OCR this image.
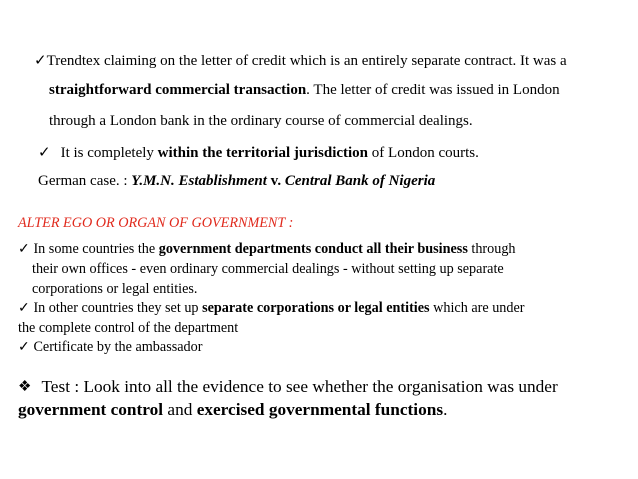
✓Trendtex claiming on the letter of credit which is an entirely separate contract. It was a
straightforward commercial transaction. The letter of credit was issued in London
through a London bank in the ordinary course of commercial dealings.
✓ It is completely within the territorial jurisdiction of London courts.
German case. : Y.M.N. Establishment v. Central Bank of Nigeria
ALTER EGO OR ORGAN OF GOVERNMENT :
✓ In some countries the government departments conduct all their business through
their own offices - even ordinary commercial dealings - without setting up separate
corporations or legal entities.
✓ In other countries they set up separate corporations or legal entities which are under
the complete control of the department
✓ Certificate by the ambassador
❖ Test : Look into all the evidence to see whether the organisation was under
government control and exercised governmental functions.
